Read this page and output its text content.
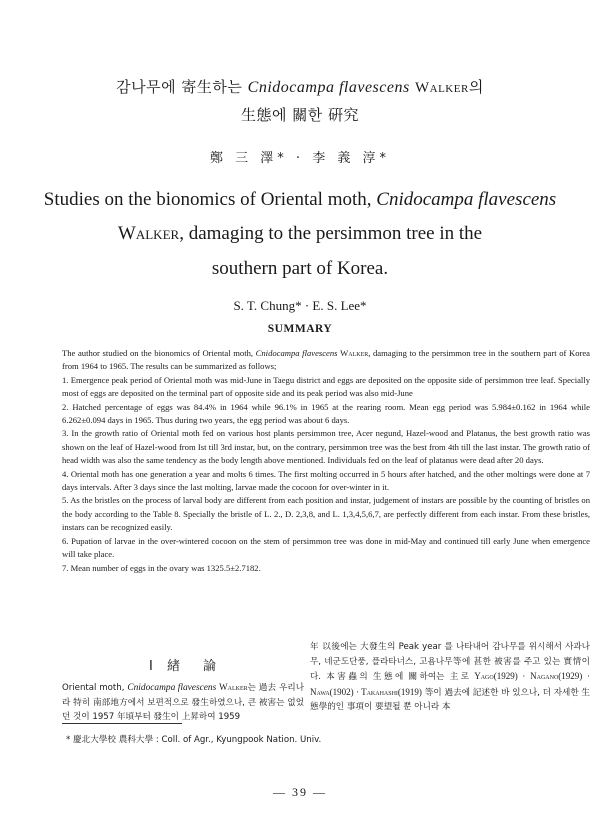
감나무에 寄生하는 Cnidocampa flavescens Walker의
生態에 關한 硏究
鄭 三 澤* · 李 義 淳*
Studies on the bionomics of Oriental moth, Cnidocampa flavescens
Walker, damaging to the persimmon tree in the
southern part of Korea.
S. T. Chung* · E. S. Lee*
SUMMARY

The author studied on the bionomics of Oriental moth, Cnidocampa flavescens Walker, damaging to the persimmon tree in the southern part of Korea from 1964 to 1965. The results can be summarized as follows;

1. Emergence peak period of Oriental moth was mid-June in Taegu district and eggs are deposited on the opposite side of persimmon tree leaf. Specially most of eggs are deposited on the terminal part of opposite side and its peak period was also mid-June

2. Hatched percentage of eggs was 84.4% in 1964 while 96.1% in 1965 at the rearing room. Mean egg period was 5.984±0.162 in 1964 while 6.262±0.094 days in 1965. Thus during two years, the egg period was about 6 days.

3. In the growth ratio of Oriental moth fed on various host plants persimmon tree, Acer negund, Hazel-wood and Platanus, the best growth ratio was shown on the leaf of Hazel-wood from Ist till 3rd instar, but, on the contrary, persimmon tree was the best from 4th till the last instar. The growth ratio of head width was also the same tendency as the body length above mentioned. Individuals fed on the leaf of platanus were dead after 20 days.

4. Oriental moth has one generation a year and molts 6 times. The first molting occurred in 5 hours after hatched, and the other moltings were done at 7 days intervals. After 3 days since the last molting, larvae made the cocoon for over-winter in it.

5. As the bristles on the process of larval body are different from each position and instar, judgement of instars are possible by the counting of bristles on the body according to the Table 8. Specially the bristle of L. 2., D. 2,3,8, and L. 1,3,4,5,6,7, are perfectly different from each instar. From these bristles, instars can be recognized easily.

6. Pupation of larvae in the over-wintered cocoon on the stem of persimmon tree was done in mid-May and continued till early June when emergence will take place.

7. Mean number of eggs in the ovary was 1325.5±2.7182.

Ⅰ 緖　論
Oriental moth, Cnidocampa flavescens Walker는 過去 우리나라 特히 南部地方에서 보편적으로 發生하였으나, 큰 被害는 없었던 것이 1957 年頃부터 發生이 上昇하여 1959
年 以後에는 大發生의 Peak year 를 나타내어 감나무를 위시해서 사과나무, 네군도단풍, 플라타너스, 고욤나무等에 甚한 被害를 주고 있는 實情이다. 本害蟲의 生態에 關하여는 主로 Yago(1929) · Nagano(1929) · Nawa(1902) · Takahashi(1919) 等이 過去에 記述한 바 있으나, 더 자세한 生態學的인 事項이 要望될 뿐 아니라 本
* 慶北大學校 農科大學 : Coll. of Agr., Kyungpook Nation. Univ.
— 39 —
